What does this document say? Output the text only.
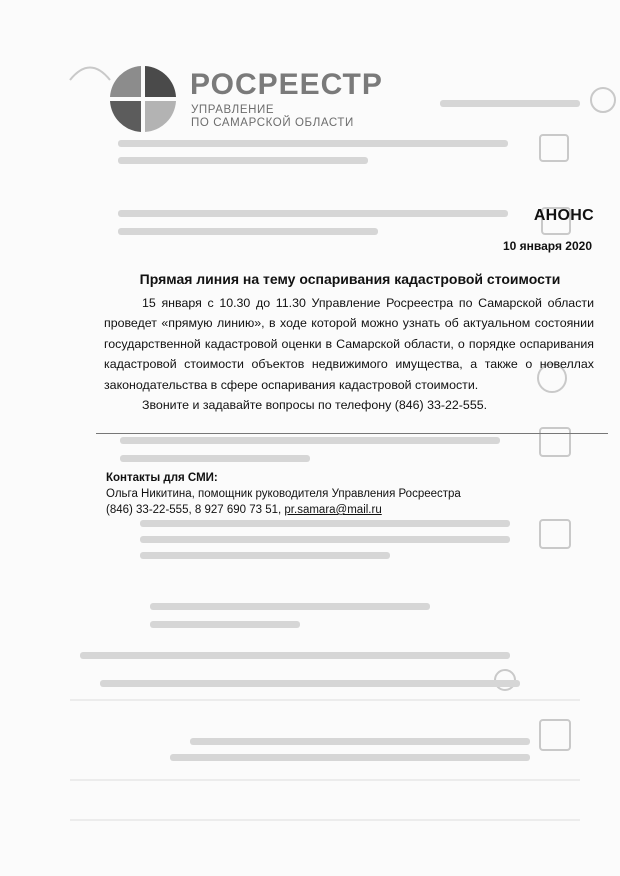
РОСРЕЕСТР
УПРАВЛЕНИЕ
ПО САМАРСКОЙ ОБЛАСТИ
АНОНС
10 января 2020
Прямая линия на тему оспаривания кадастровой стоимости

15 января с 10.30 до 11.30 Управление Росреестра по Самарской области проведет «прямую линию», в ходе которой можно узнать об актуальном состоянии государственной кадастровой оценки в Самарской области, о порядке оспаривания кадастровой стоимости объектов недвижимого имущества, а также о новеллах законодательства в сфере оспаривания кадастровой стоимости.

Звоните и задавайте вопросы по телефону (846) 33-22-555.

Контакты для СМИ:
Ольга Никитина, помощник руководителя Управления Росреестра
(846) 33-22-555, 8 927 690 73 51, pr.samara@mail.ru
